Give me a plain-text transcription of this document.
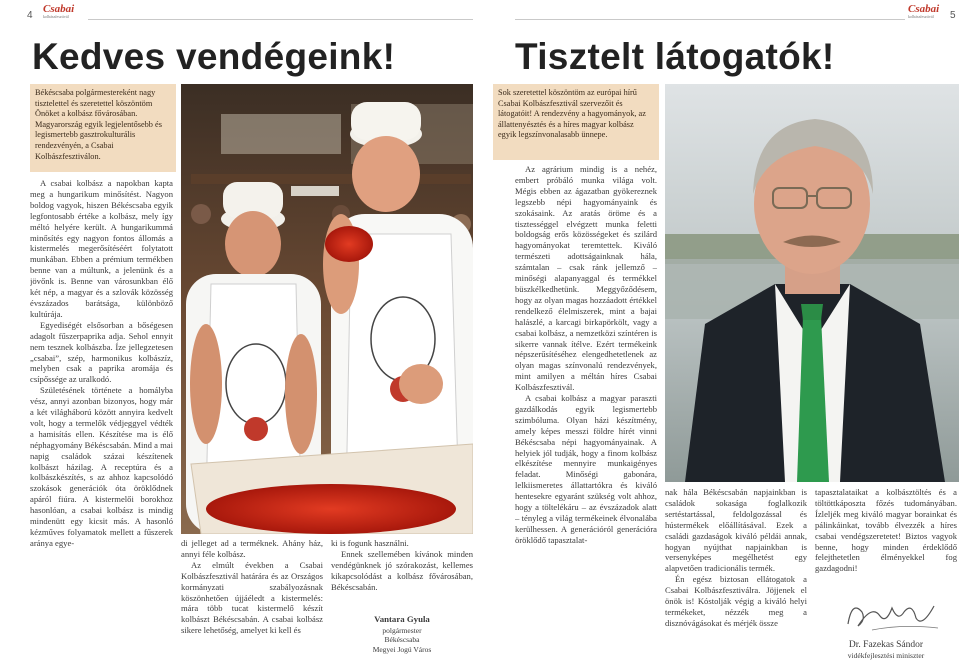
4
Csabai
kolbászfesztivál
Csabai
kolbászfesztivál	5
Kedves vendégeink!	Tisztelt látogatók!
Békéscsaba polgármestereként nagy tisztelettel és szeretettel köszöntöm Önöket a kolbász fővárosában. Magyarország egyik legjelentősebb és legismertebb gasztrokulturális rendezvényén, a Csabai Kolbászfesztiválon.

A csabai kolbász a napokban kapta meg a hungarikum minősítést. Nagyon boldog vagyok, hiszen Békéscsaba egyik legfontosabb értéke a kolbász, mely így méltó helyére került. A hungarikummá minősítés egy nagyon fontos állomás a kistermelés megerősítéséért folytatott munkában. Ebben a prémium termékben benne van a múltunk, a jelenünk és a jövőnk is. Benne van városunkban élő két nép, a magyar és a szlovák közösség évszázados barátsága, különböző kultúrája.

Egyediségét elsősorban a bőségesen adagolt fűszerpaprika adja. Sehol ennyit nem tesznek kolbászba. Íze jellegzetesen „csabai”, szép, harmonikus kolbászíz, melyben csak a paprika aromája és csípőssége az uralkodó.

Születésének története a homályba vész, annyi azonban bizonyos, hogy már a két világháború között annyira kedvelt volt, hogy a termelők védjeggyel védték a hamisítás ellen. Készítése ma is élő néphagyomány Békéscsabán. Mind a mai napig családok százai készítenek kolbászt házilag. A receptúra és a kolbászkészítés, s az ahhoz kapcsolódó szokások generációk óta öröklődnek apáról fiúra. A kistermelői borokhoz hasonlóan, a csabai kolbász is mindig mindenütt egy kicsit más. A hasonló kézműves folyamatok mellett a fűszerek aránya egye-	di jelleget ad a terméknek. Ahány ház, annyi féle kolbász.

Az elmúlt években a Csabai Kolbászfesztivál határára és az Országos kormányzati szabályozásnak köszönhetően újjáéledt a kistermelés: mára több tucat kistermelő készít kolbászt Békéscsabán. A csabai kolbász sikere lehetőség, amelyet ki kell és

ki is fogunk használni.

Ennek szellemében kívánok minden vendégünknek jó szórakozást, kellemes kikapcsolódást a kolbász fővárosában, Békéscsabán.

Vantara Gyula
polgármester
Békéscsaba
Megyei Jogú Város
Sok szeretettel köszöntöm az európai hírű Csabai Kolbászfesztivál szervezőit és látogatóit! A rendezvény a hagyományok, az állattenyésztés és a híres magyar kolbász egyik legszínvonalasabb ünnepe.

Az agrárium mindig is a nehéz, embert próbáló munka világa volt. Mégis ebben az ágazatban gyökereznek legszebb népi hagyományaink és szokásaink. Az aratás öröme és a tisztességgel elvégzett munka feletti boldogság erős közösségeket és szilárd hagyományokat teremtettek. Kiváló természeti adottságainknak hála, számtalan – csak ránk jellemző – minőségi alapanyaggal és termékkel büszkélkedhetünk. Meggyőződésem, hogy az olyan magas hozzáadott értékkel rendelkező élelmiszerek, mint a bajai halászlé, a karcagi birkapörkölt, vagy a csabai kolbász, a nemzetközi színtéren is sikerre vannak ítélve. Ezért termékeink népszerűsítéséhez elengedhetetlenek az olyan magas színvonalú rendezvények, mint amilyen a méltán híres Csabai Kolbászfesztivál.

A csabai kolbász a magyar paraszti gazdálkodás egyik legismertebb szimbóluma. Olyan házi készítmény, amely képes messzi földre hírét vinni Békéscsaba népi hagyományainak. A helyiek jól tudják, hogy a finom kolbász elkészítése mennyire munkaigényes feladat. Minőségi gabonára, lelkiismeretes állattartókra és kiváló hentesekre egyaránt szükség volt ahhoz, hogy a töltelékáru – az évszázadok alatt – tényleg a világ termékeinek élvonalába kerülhessen. A generációról generációra öröklődő tapasztalat-

nak hála Békéscsabán napjainkban is családok sokasága foglalkozik sertéstartással, feldolgozással és hústermékek előállításával. Ezek a családi gazdaságok kiváló példái annak, hogyan nyújthat napjainkban is versenyképes megélhetést egy alapvetően tradicionális termék.

Én egész biztosan ellátogatok a Csabai Kolbászfesztiválra. Jöjjenek el önök is! Kóstolják végig a kiváló helyi termékeket, nézzék meg a disznóvágásokat és mérjék össze

tapasztalataikat a kolbásztöltés és a töltöttkáposzta főzés tudományában. Ízleljék meg kiváló magyar borainkat és pálinkáinkat, tovább élvezzék a híres csabai vendégszeretetet! Biztos vagyok benne, hogy minden érdeklődő felejthetetlen élményekkel fog gazdagodni!

Dr. Fazekas Sándor
vidékfejlesztési miniszter
